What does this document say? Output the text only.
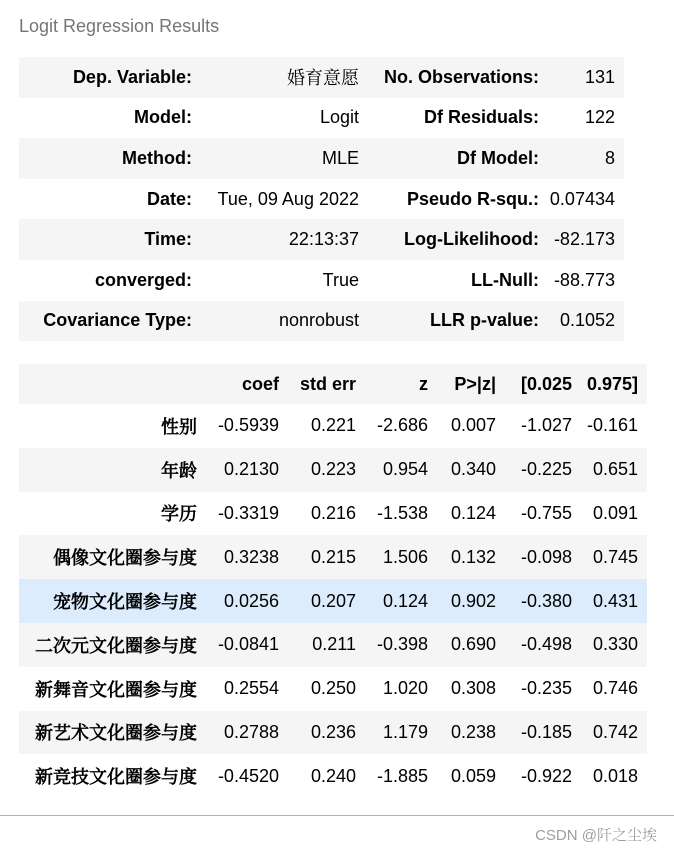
Logit Regression Results
Dep. Variable:	婚育意愿	No. Observations:	131
Model:	Logit	Df Residuals:	122
Method:	MLE	Df Model:	8
Date:	Tue, 09 Aug 2022	Pseudo R-squ.:	0.07434
Time:	22:13:37	Log-Likelihood:	-82.173
converged:	True	LL-Null:	-88.773
Covariance Type:	nonrobust	LLR p-value:	0.1052
	coef	std err	z	P>|z|	[0.025	0.975]
性别	-0.5939	0.221	-2.686	0.007	-1.027	-0.161
年龄	0.2130	0.223	0.954	0.340	-0.225	0.651
学历	-0.3319	0.216	-1.538	0.124	-0.755	0.091
偶像文化圈参与度	0.3238	0.215	1.506	0.132	-0.098	0.745
宠物文化圈参与度	0.0256	0.207	0.124	0.902	-0.380	0.431
二次元文化圈参与度	-0.0841	0.211	-0.398	0.690	-0.498	0.330
新舞音文化圈参与度	0.2554	0.250	1.020	0.308	-0.235	0.746
新艺术文化圈参与度	0.2788	0.236	1.179	0.238	-0.185	0.742
新竞技文化圈参与度	-0.4520	0.240	-1.885	0.059	-0.922	0.018
CSDN @阡之尘埃
